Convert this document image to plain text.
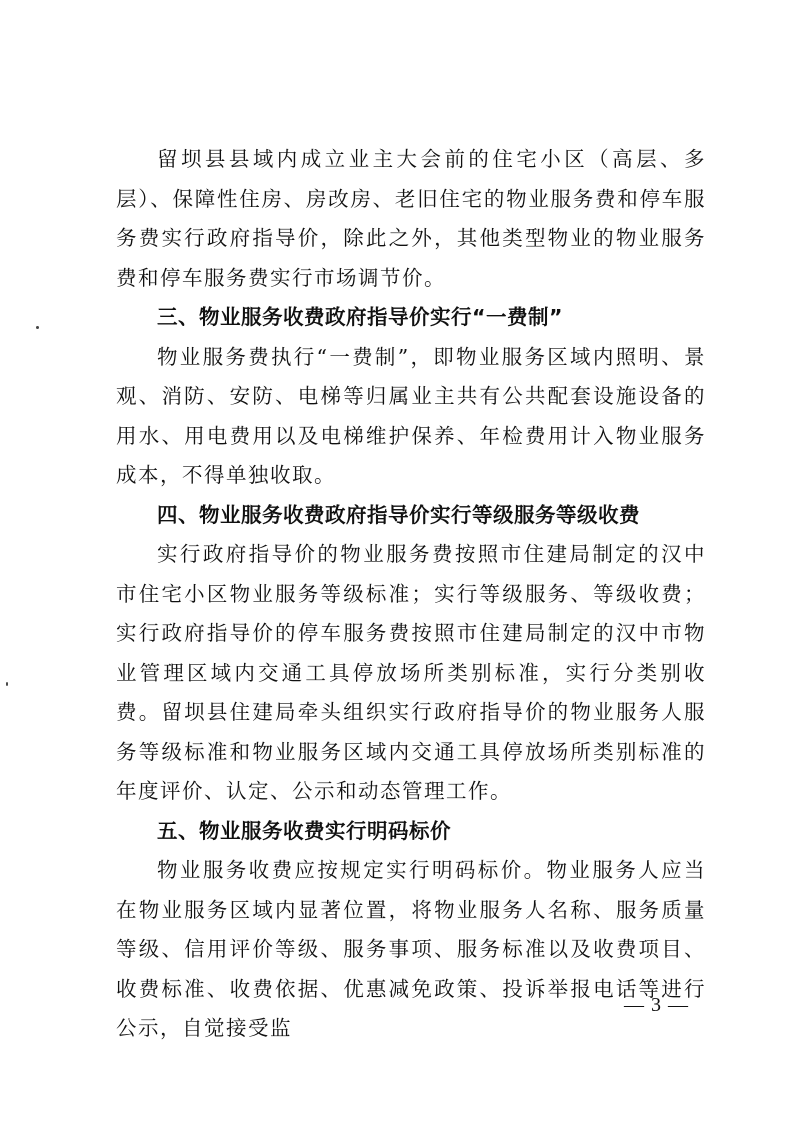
留坝县县域内成立业主大会前的住宅小区（高层、多层）、保障性住房、房改房、老旧住宅的物业服务费和停车服务费实行政府指导价，除此之外，其他类型物业的物业服务费和停车服务费实行市场调节价。

三、物业服务收费政府指导价实行“一费制”

物业服务费执行“一费制”，即物业服务区域内照明、景观、消防、安防、电梯等归属业主共有公共配套设施设备的用水、用电费用以及电梯维护保养、年检费用计入物业服务成本，不得单独收取。

四、物业服务收费政府指导价实行等级服务等级收费

实行政府指导价的物业服务费按照市住建局制定的汉中市住宅小区物业服务等级标准；实行等级服务、等级收费；实行政府指导价的停车服务费按照市住建局制定的汉中市物业管理区域内交通工具停放场所类别标准，实行分类别收费。留坝县住建局牵头组织实行政府指导价的物业服务人服务等级标准和物业服务区域内交通工具停放场所类别标准的年度评价、认定、公示和动态管理工作。

五、物业服务收费实行明码标价

物业服务收费应按规定实行明码标价。物业服务人应当在物业服务区域内显著位置，将物业服务人名称、服务质量等级、信用评价等级、服务事项、服务标准以及收费项目、收费标准、收费依据、优惠减免政策、投诉举报电话等进行公示，自觉接受监

— 3 —
